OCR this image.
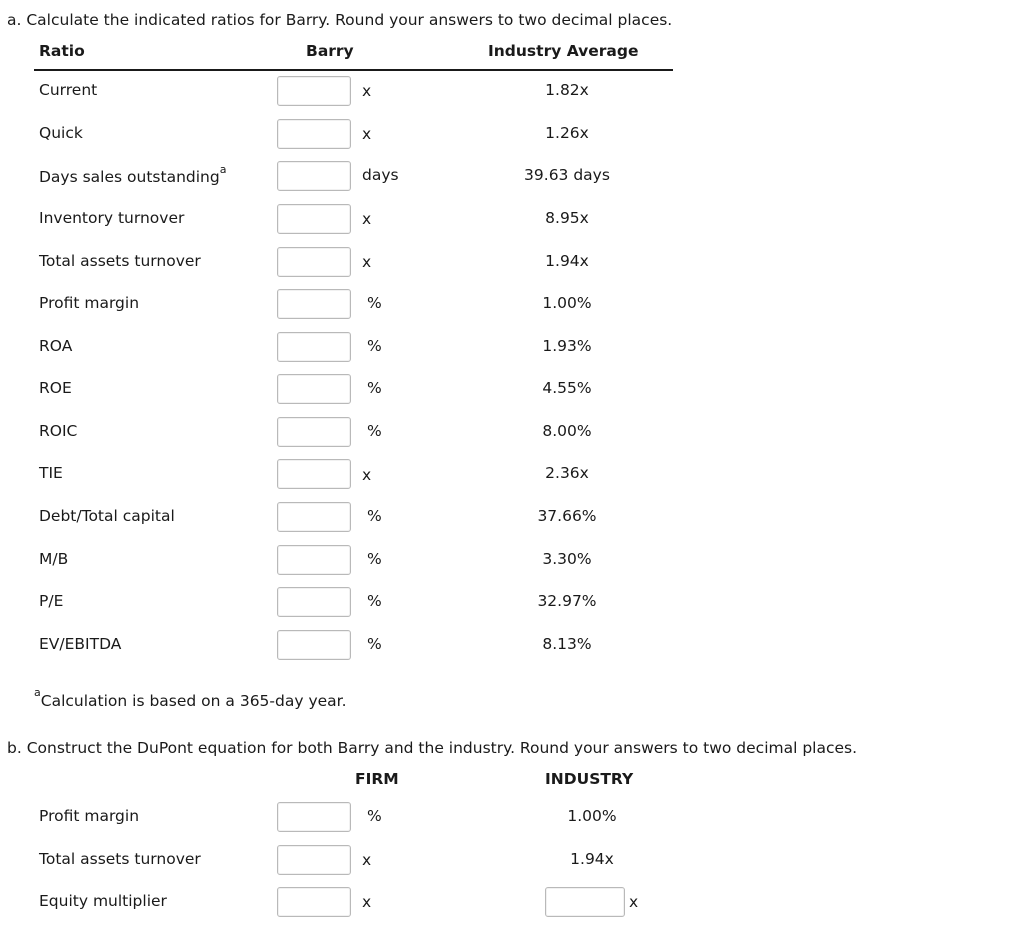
a. Calculate the indicated ratios for Barry. Round your answers to two decimal places.
Ratio	Barry	Industry Average
Current	x	1.82x
Quick	x	1.26x
Days sales outstanding$^a$	days	39.63 days
Inventory turnover	x	8.95x
Total assets turnover	x	1.94x
Profit margin	%	1.00%
ROA	%	1.93%
ROE	%	4.55%
ROIC	%	8.00%
TIE	x	2.36x
Debt/Total capital	%	37.66%
M/B	%	3.30%
P/E	%	32.97%
EV/EBITDA	%	8.13%
$^a$Calculation is based on a 365-day year.
b. Construct the DuPont equation for both Barry and the industry. Round your answers to two decimal places.
FIRM	INDUSTRY
Profit margin	%	1.00%
Total assets turnover	x	1.94x
Equity multiplier	x	x
